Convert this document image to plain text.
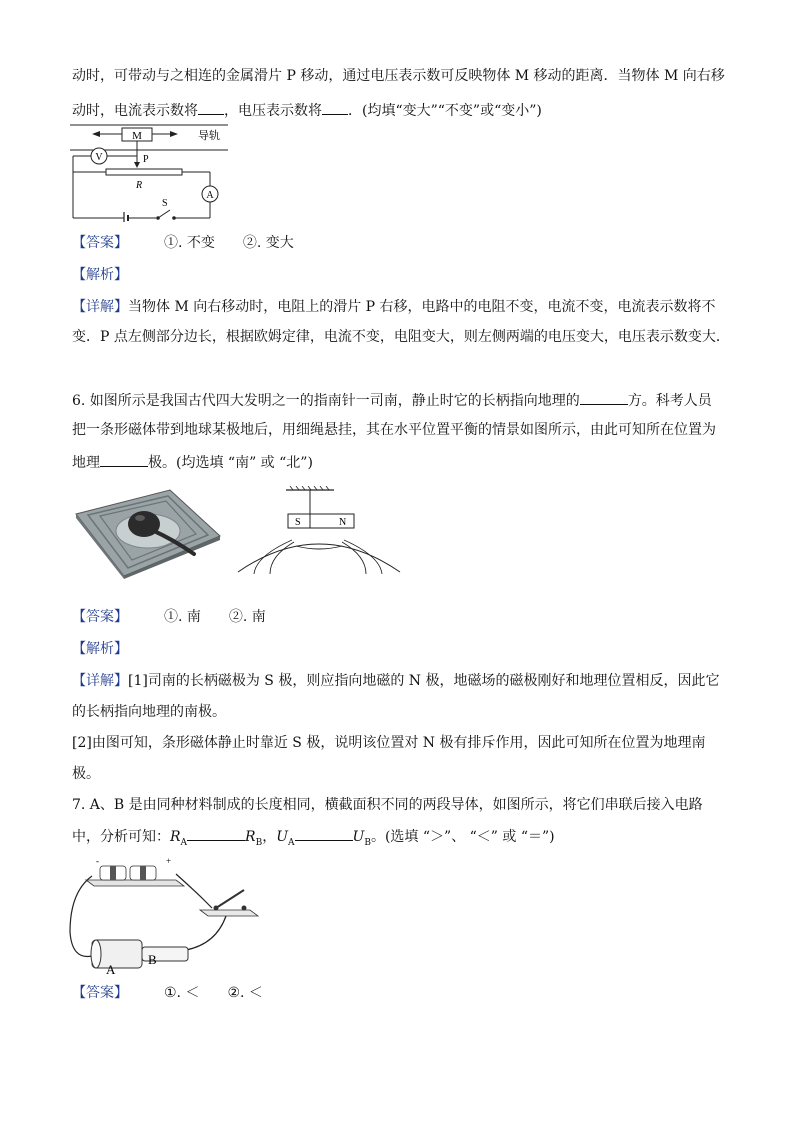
动时，可带动与之相连的金属滑片 P 移动，通过电压表示数可反映物体 M 移动的距离．当物体 M 向右移
动时，电流表示数将 ，电压表示数将 ．(均填“变大”“不变”或“变小”)
M	导轨
P
V
R
A
S
【答案】	①. 不变 ②. 变大
【解析】
【详解】当物体 M 向右移动时，电阻上的滑片 P 右移，电路中的电阻不变，电流不变，电流表示数将不
变．P 点左侧部分边长，根据欧姆定律，电流不变，电阻变大，则左侧两端的电压变大，电压表示数变大．
6. 如图所示是我国古代四大发明之一的指南针一司南，静止时它的长柄指向地理的	方。科考人员
把一条形磁体带到地球某极地后，用细绳悬挂，其在水平位置平衡的情景如图所示，由此可知所在位置为
地理	极。(均选填 “南” 或 “北”)
S	N
【答案】	①. 南 ②. 南
【解析】
【详解】[1]司南的长柄磁极为 S 极，则应指向地磁的 N 极，地磁场的磁极刚好和地理位置相反，因此它
的长柄指向地理的南极。
[2]由图可知，条形磁体静止时靠近 S 极，说明该位置对 N 极有排斥作用，因此可知所在位置为地理南
极。
7. A、B 是由同种材料制成的长度相同，横截面积不同的两段导体，如图所示，将它们串联后接入电路
中，分析可知：$R_A$	$R_B$，$U_A$	$U_B$。(选填 “＞”、 “＜” 或 “＝”)
-	+
A
B
【答案】	①. ＜ ②. ＜
